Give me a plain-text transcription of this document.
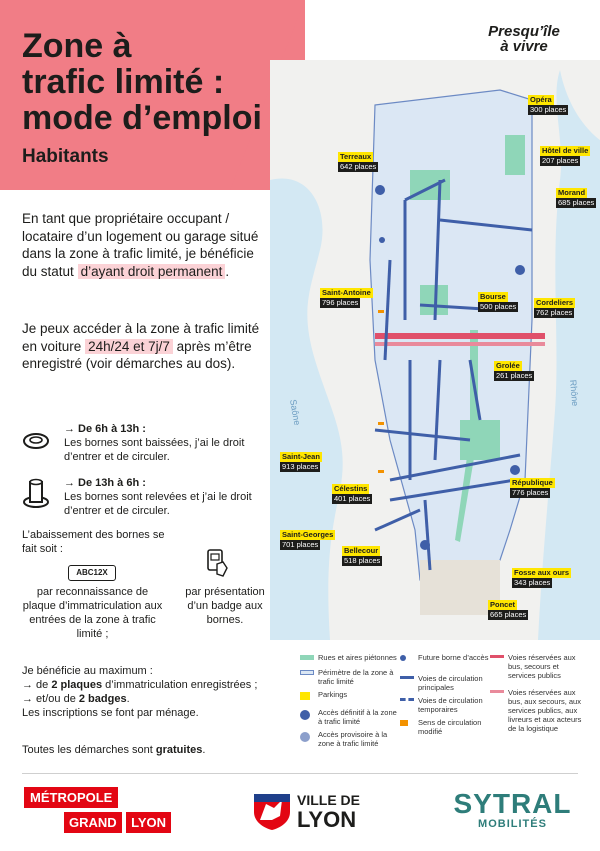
Zone à
trafic limité :
mode d’emploi
Habitants
Presqu’île
à vivre
En tant que propriétaire occupant / locataire d’un logement ou garage situé dans la zone à trafic limité, je bénéficie du statut d’ayant droit permanent .
Je peux accéder à la zone à trafic limité en voiture 24h/24 et 7j/7 après m’être enregistré (voir démarches au dos).
→ De 6h à 13h :
Les bornes sont baissées, j’ai le droit d’entrer et de circuler.
→ De 13h à 6h :
Les bornes sont relevées et j’ai le droit d’entrer et de circuler.
L’abaissement des bornes se fait soit :
ABC12X
par reconnaissance de plaque d’immatriculation aux entrées de la zone à trafic limité ;
par présentation d’un badge aux bornes.
Je bénéficie au maximum :
→ de 2 plaques d’immatriculation enregistrées ;
→ et/ou de 2 badges.
Les inscriptions se font par ménage.
Toutes les démarches sont gratuites.
Saône
Rhône
Opéra
300 places
Terreaux
642 places
Hôtel de ville
207 places
Morand
685 places
Saint-Antoine
796 places
Bourse
500 places	Cordeliers
762 places
Grolée
261 places
Saint-Jean
913 places
Célestins
401 places
République
776 places
Saint-Georges
701 places
Bellecour
518 places
Fosse aux ours
343 places
Poncet
665 places
Rues et aires piétonnes
Périmètre de la zone à trafic limité
Parkings
Accès définitif à la zone à trafic limité
Accès provisoire à la zone à trafic limité
Future borne d’accès
Voies de circulation principales
Voies de circulation temporaires
Sens de circulation modifié
Voies réservées aux bus, secours et services publics
Voies réservées aux bus, aux secours, aux services publics, aux livreurs et aux acteurs de la logistique
MÉTROPOLE
GRAND LYON
VILLE DE
LYON
SYTRAL
MOBILITÉS
